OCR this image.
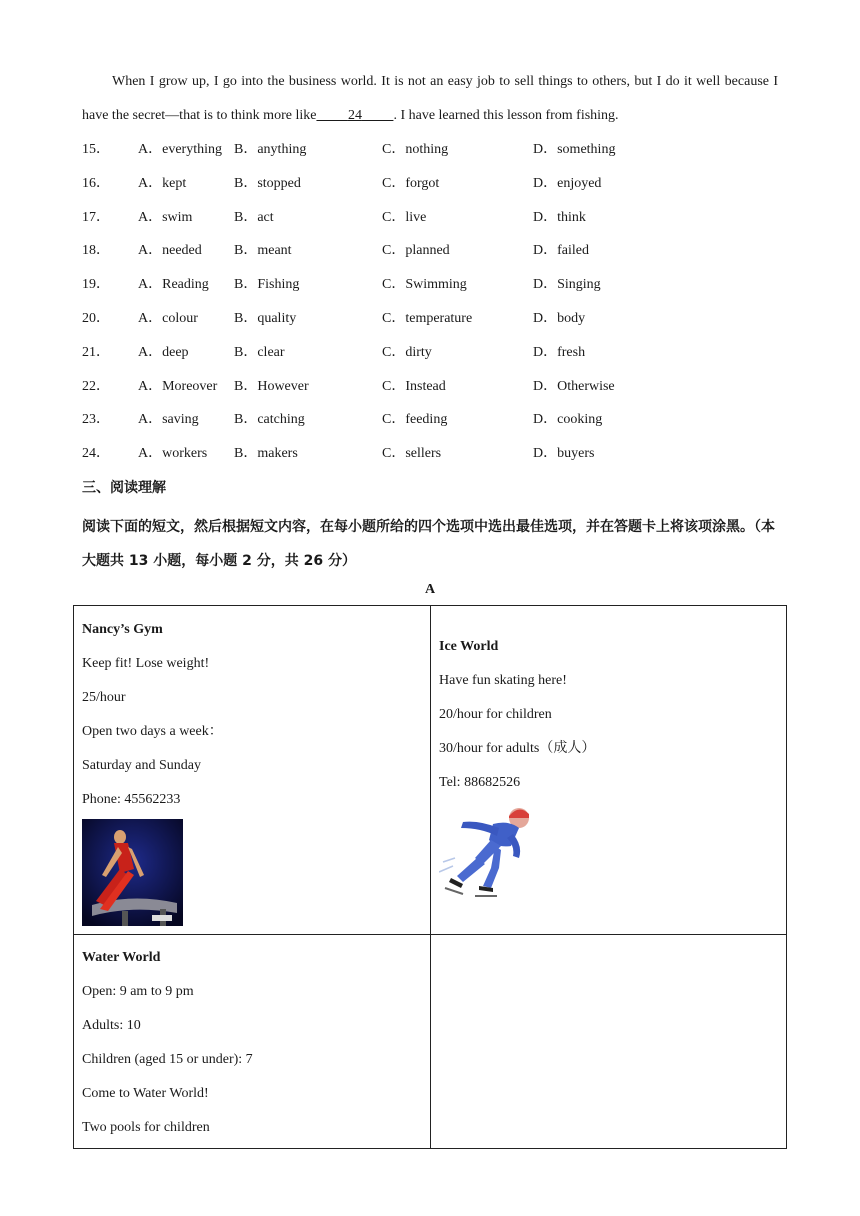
When I grow up, I go into the business world. It is not an easy job to sell things to others, but I do it well because I have the secret—that is to think more like 24 . I have learned this lesson from fishing.

15． A．everything B．anything	C．nothing	D．something
16． A．kept	B．stopped	C．forgot	D．enjoyed
17． A．swim	B．act	C．live	D．think
18． A．needed B．meant	C．planned	D．failed
19． A．Reading B．Fishing	C．Swimming	D．Singing
20． A．colour	B．quality	C．temperature	D．body
21． A．deep	B．clear	C．dirty	D．fresh
22． A．Moreover B．However	C．Instead	D．Otherwise
23． A．saving	B．catching	C．feeding	D．cooking
24． A．workers B．makers	C．sellers	D．buyers
三、阅读理解

阅读下面的短文，然后根据短文内容，在每小题所给的四个选项中选出最佳选项，并在答题卡上将该项涂黑。（本大题共 13 小题，每小题 2 分，共 26 分）

A

Nancy’s Gym

Keep fit! Lose weight!

25/hour

Open two days a week：

Saturday and Sunday

Phone: 45562233

Ice World

Have fun skating here!

20/hour for children

30/hour for adults（成人）

Tel: 88682526

Water World

Open: 9 am to 9 pm

Adults: 10

Children (aged 15 or under): 7

Come to Water World!

Two pools for children
